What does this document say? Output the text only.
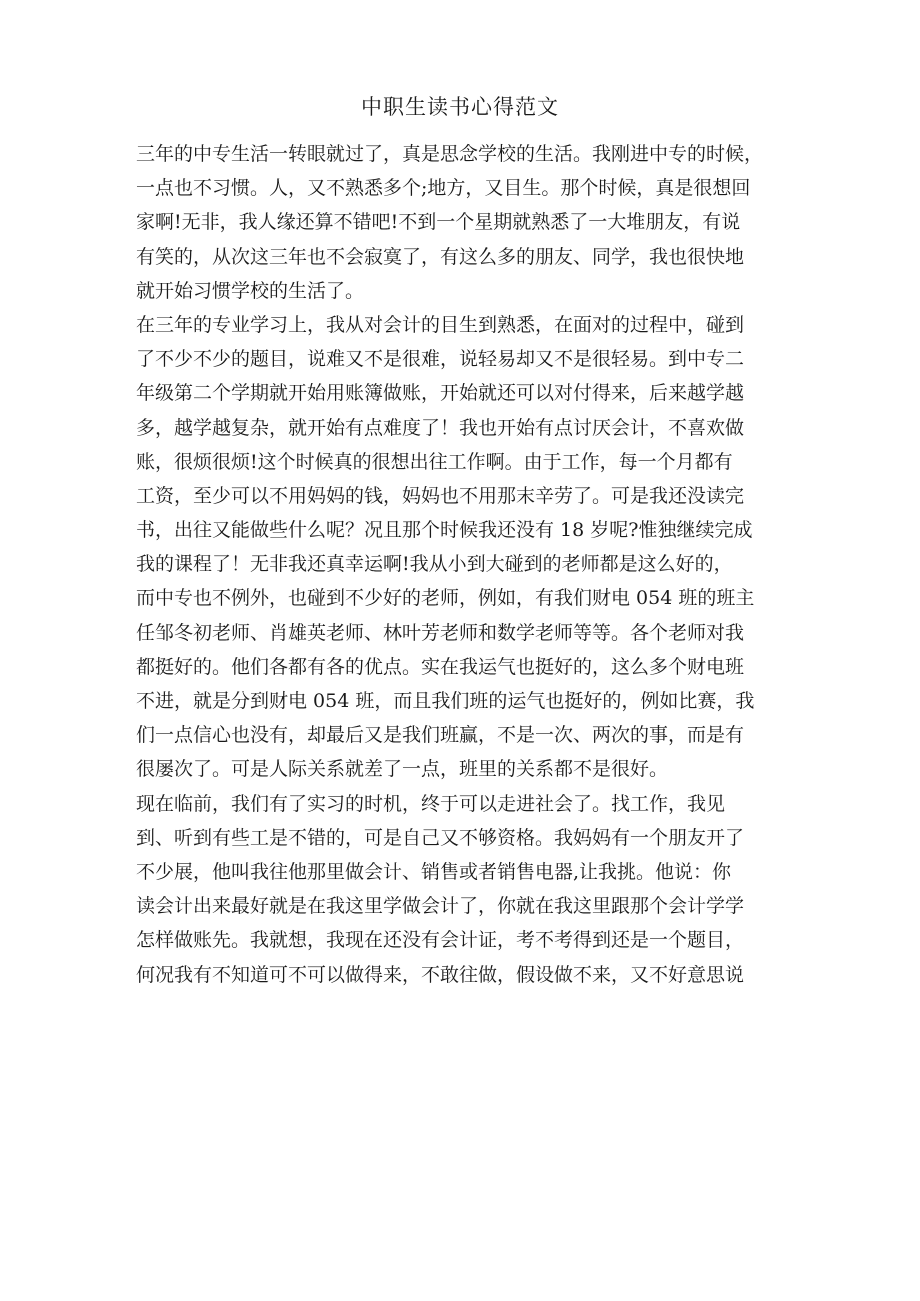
中职生读书心得范文
三年的中专生活一转眼就过了，真是思念学校的生活。我刚进中专的时候，
一点也不习惯。人，又不熟悉多个;地方，又目生。那个时候，真是很想回
家啊!无非，我人缘还算不错吧!不到一个星期就熟悉了一大堆朋友，有说
有笑的，从次这三年也不会寂寞了，有这么多的朋友、同学，我也很快地
就开始习惯学校的生活了。
在三年的专业学习上，我从对会计的目生到熟悉，在面对的过程中，碰到
了不少不少的题目，说难又不是很难，说轻易却又不是很轻易。到中专二
年级第二个学期就开始用账簿做账，开始就还可以对付得来，后来越学越
多，越学越复杂，就开始有点难度了！我也开始有点讨厌会计，不喜欢做
账，很烦很烦!这个时候真的很想出往工作啊。由于工作，每一个月都有
工资，至少可以不用妈妈的钱，妈妈也不用那末辛劳了。可是我还没读完
书，出往又能做些什么呢？况且那个时候我还没有 18 岁呢?惟独继续完成
我的课程了！无非我还真幸运啊!我从小到大碰到的老师都是这么好的，
而中专也不例外，也碰到不少好的老师，例如，有我们财电 054 班的班主
任邹冬初老师、肖雄英老师、林叶芳老师和数学老师等等。各个老师对我
都挺好的。他们各都有各的优点。实在我运气也挺好的，这么多个财电班
不进，就是分到财电 054 班，而且我们班的运气也挺好的，例如比赛，我
们一点信心也没有，却最后又是我们班赢，不是一次、两次的事，而是有
很屡次了。可是人际关系就差了一点，班里的关系都不是很好。
现在临前，我们有了实习的时机，终于可以走进社会了。找工作，我见
到、听到有些工是不错的，可是自己又不够资格。我妈妈有一个朋友开了
不少展，他叫我往他那里做会计、销售或者销售电器,让我挑。他说：你
读会计出来最好就是在我这里学做会计了，你就在我这里跟那个会计学学
怎样做账先。我就想，我现在还没有会计证，考不考得到还是一个题目，
何况我有不知道可不可以做得来，不敢往做，假设做不来，又不好意思说
